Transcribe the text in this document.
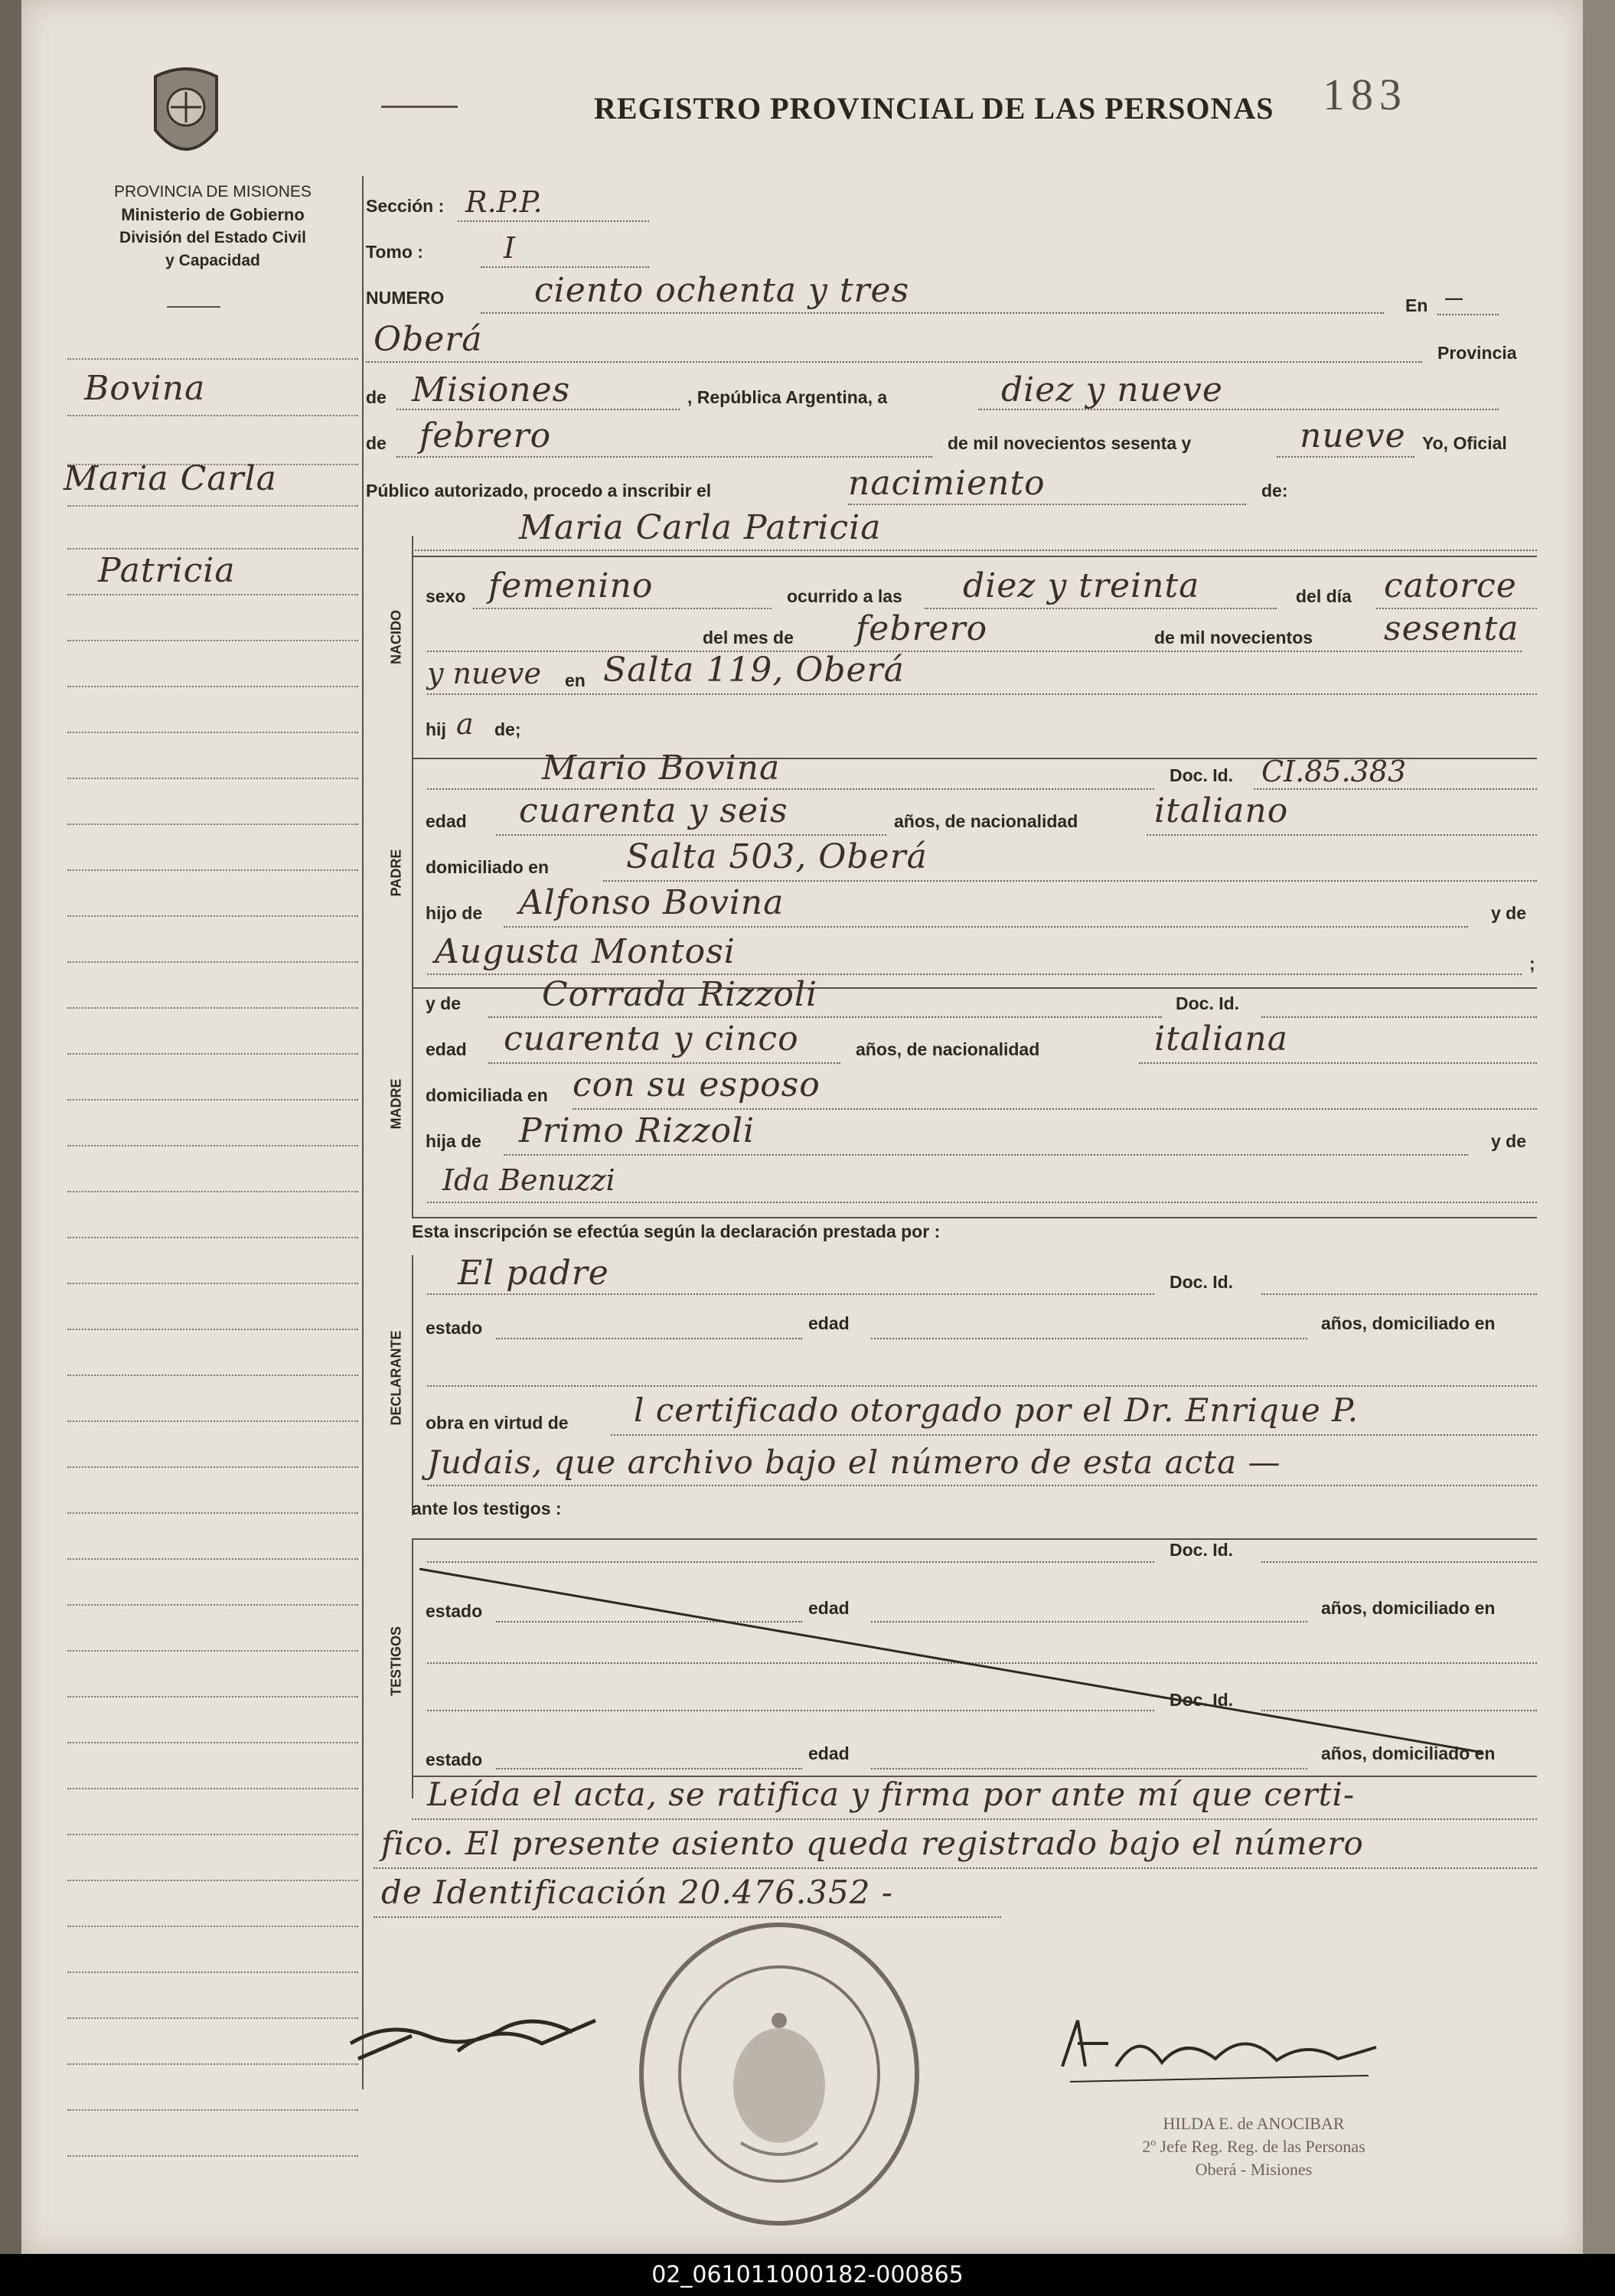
REGISTRO PROVINCIAL DE LAS PERSONAS 183
PROVINCIA DE MISIONES
Ministerio de Gobierno
División del Estado Civil
y Capacidad
Bovina
Maria Carla
Patricia
Sección : R.P.P.
Tomo :	I
NUMERO	ciento ochenta y tres	En —
Oberá	Provincia
de Misiones	, República Argentina, a	diez y nueve
de febrero	de mil novecientos sesenta y	nueve Yo, Oficial
Público autorizado, procedo a inscribir el	nacimiento	de:
Maria Carla Patricia
NACIDO
sexo femenino	ocurrido a las diez y treinta	del día catorce
del mes de febrero	de mil novecientos sesenta
y nueve en Salta 119, Oberá
hij a de;
PADRE
Mario Bovina	Doc. Id. CI.85.383
edad cuarenta y seis	años, de nacionalidad italiano
domiciliado en Salta 503, Oberá
hijo de Alfonso Bovina	y de
Augusta Montosi	;
MADRE
y de Corrada Rizzoli	Doc. Id.
edad cuarenta y cinco	años, de nacionalidad	italiana
domiciliada en con su esposo
hija de Primo Rizzoli	y de
Ida Benuzzi
Esta inscripción se efectúa según la declaración prestada por :
DECLARANTE
El padre	Doc. Id.
estado	edad	años, domiciliado en
obra en virtud de l certificado otorgado por el Dr. Enrique P.
Judais, que archivo bajo el número de esta acta —
ante los testigos :
TESTIGOS
Doc. Id.
estado	edad	años, domiciliado en
Doc. Id.
estado	edad	años, domiciliado en
Leída el acta, se ratifica y firma por ante mí que certi-
fico. El presente asiento queda registrado bajo el número
de Identificación 20.476.352 -
HILDA E. de ANOCIBAR
2º Jefe Reg. Reg. de las Personas
Oberá - Misiones
02_061011000182-000865
